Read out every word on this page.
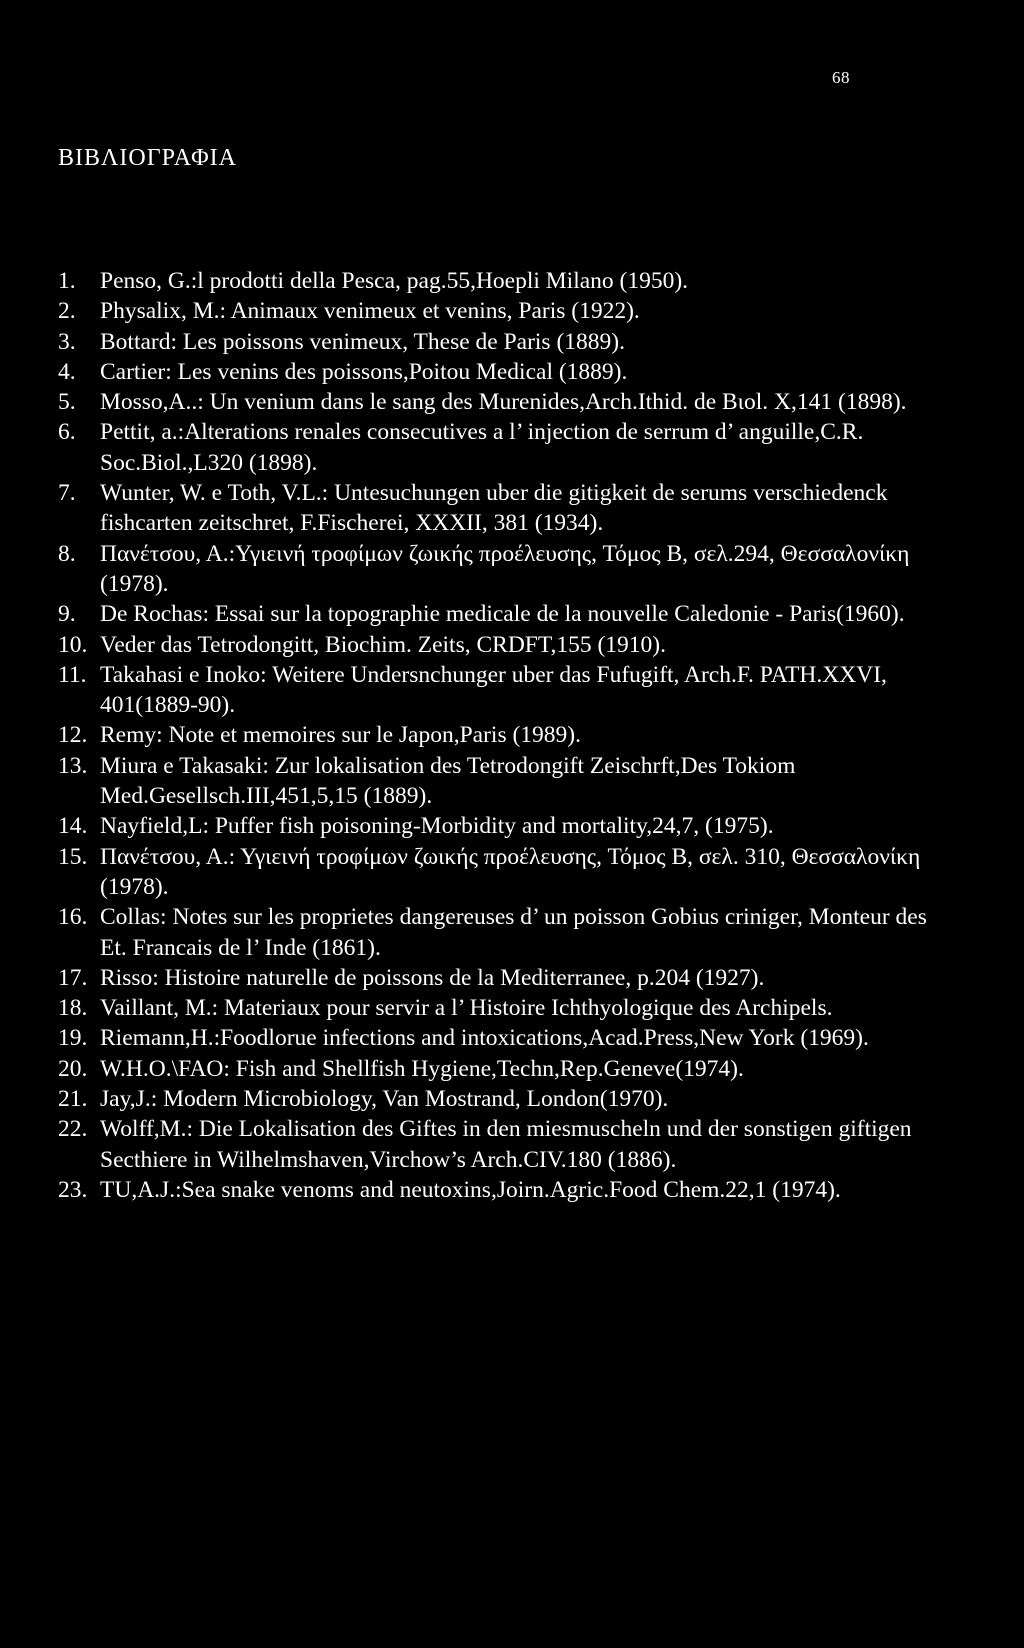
68
ΒΙΒΛΙΟΓΡΑΦΙΑ
1.	Penso, G.:l prodotti della Pesca, pag.55,Hoepli Milano (1950).
2.	Physalix, M.: Animaux venimeux et venins, Paris (1922).
3.	Bottard: Les poissons venimeux, These de Paris (1889).
4.	Cartier: Les venins des poissons,Poitou Medical (1889).
5.	Mosso,A..: Un venium dans le sang des Murenides,Arch.Ithid. de Bιol. X,141 (1898).
6.	Pettit, a.:Alterations renales consecutives a l’ injection de serrum d’ anguille,C.R. Soc.Biol.,L320 (1898).
7.	Wunter, W. e Toth, V.L.: Untesuchungen uber die gitigkeit de serums verschiedenck fishcarten zeitschret, F.Fischerei, XXXII, 381 (1934).
8.	Πανέτσου, Α.:Υγιεινή τροφίμων ζωικής προέλευσης, Τόμος Β, σελ.294, Θεσσαλονίκη (1978).
9.	De Rochas: Essai sur la topographie medicale de la nouvelle Caledonie - Paris(1960).
10. Veder das Tetrodongitt, Biochim. Zeits, CRDFT,155 (1910).
11. Takahasi e Inoko: Weitere Undersnchunger uber das Fufugift, Arch.F. PATH.XXVI, 401(1889-90).
12. Remy: Note et memoires sur le Japon,Paris (1989).
13. Miura e Takasaki: Zur lokalisation des Tetrodongift Zeischrft,Des Tokiom Med.Gesellsch.III,451,5,15 (1889).
14. Nayfield,L: Puffer fish poisoning-Morbidity and mortality,24,7, (1975).
15. Πανέτσου, Α.: Υγιεινή τροφίμων ζωικής προέλευσης, Τόμος Β, σελ. 310, Θεσσαλονίκη (1978).
16. Collas: Notes sur les proprietes dangereuses d’ un poisson Gobius criniger, Monteur des Et. Francais de l’ Inde (1861).
17. Risso: Histoire naturelle de poissons de la Mediterranee, p.204 (1927).
18. Vaillant, M.: Materiaux pour servir a l’ Histoire Ichthyologique des Archipels.
19. Riemann,H.:Foodlorue infections and intoxications,Acad.Press,New York (1969).
20. W.H.O.\FAO: Fish and Shellfish Hygiene,Techn,Rep.Geneve(1974).
21. Jay,J.: Modern Microbiology, Van Mostrand, London(1970).
22. Wolff,M.: Die Lokalisation des Giftes in den miesmuscheln und der sonstigen giftigen Secthiere in Wilhelmshaven,Virchow’s Arch.CIV.180 (1886).
23. TU,A.J.:Sea snake venoms and neutoxins,Joirn.Agric.Food Chem.22,1 (1974).
